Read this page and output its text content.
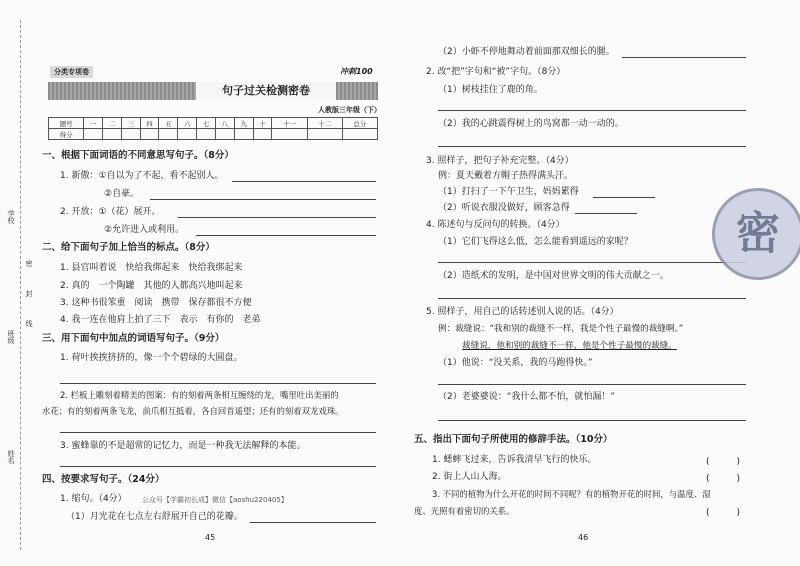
学校
班级
姓名
密
封
线
分类专项卷	冲刺100
句子过关检测密卷
人教版三年级（下）
题号	一	二	三	四	五	六	七	八	九	十	十一	十二	总分
得分													
一、根据下面词语的不同意思写句子。（8分）
1. 新傲：①自以为了不起，看不起别人。
②自豪。
2. 开放：①（花）展开。
②允许进入或利用。
二、给下面句子加上恰当的标点。（8分）
1. 县官叫着说　快给我绑起来　快给我绑起来
2. 真的　一个陶罐　其他的人都高兴地叫起来
3. 这种书很笨重　阅读　携带　保存都很不方便
4. 我一连在他肩上拍了三下　表示　有你的　老弟
三、用下面句中加点的词语写句子。（9分）
1. 荷叶挨挨挤挤的，像一个个碧绿的大圆盘。
2. 栏板上雕刻着精美的图案：有的刻着两条相互缠绕的龙，嘴里吐出美丽的
水花；有的刻着两条飞龙，前爪相互抵着，各自回首遥望；还有的刻着双龙戏珠。
3. 蜜蜂靠的不是超常的记忆力，而是一种我无法解释的本能。
四、按要求写句子。（24分）
1. 缩句。（4分） 公众号【学霸初长成】微信【aoshu220405】
（1）月光花在七点左右舒展开自己的花瓣。
45
（2）小虾不停地舞动着前面那双细长的腿。
2. 改“把”字句和“被”字句。（8分）
（1）树枝挂住了鹿的角。
（2）我的心跳震得树上的鸟窝都一动一动的。
3. 照样子，把句子补充完整。（4分）
例：夏天戴着方帽子热得满头汗。
（1）打扫了一下午卫生，妈妈累得
（2）听说衣服没做好，顾客急得
4. 陈述句与反问句的转换。（4分）
（1）它们飞得这么低，怎么能看到遥远的家呢？
（2）造纸术的发明，是中国对世界文明的伟大贡献之一。
5. 照样子，用自己的话转述别人说的话。（4分）
例：裁缝说：“我和别的裁缝不一样，我是个性子最慢的裁缝啊。”
裁缝说，他和别的裁缝不一样，他是个性子最慢的裁缝。
（1）他说：“没关系，我的马跑得快。”
（2）老婆婆说：“我什么都不怕，就怕漏！”
五、指出下面句子所使用的修辞手法。（10分）
1. 蟋蟀飞过来，告诉我清早飞行的快乐。	(　　　)
2. 街上人山人海。	(　　　)
3. 不同的植物为什么开花的时间不同呢？有的植物开花的时间，与温度、湿
度、光照有着密切的关系。	(　　　)
46
密
